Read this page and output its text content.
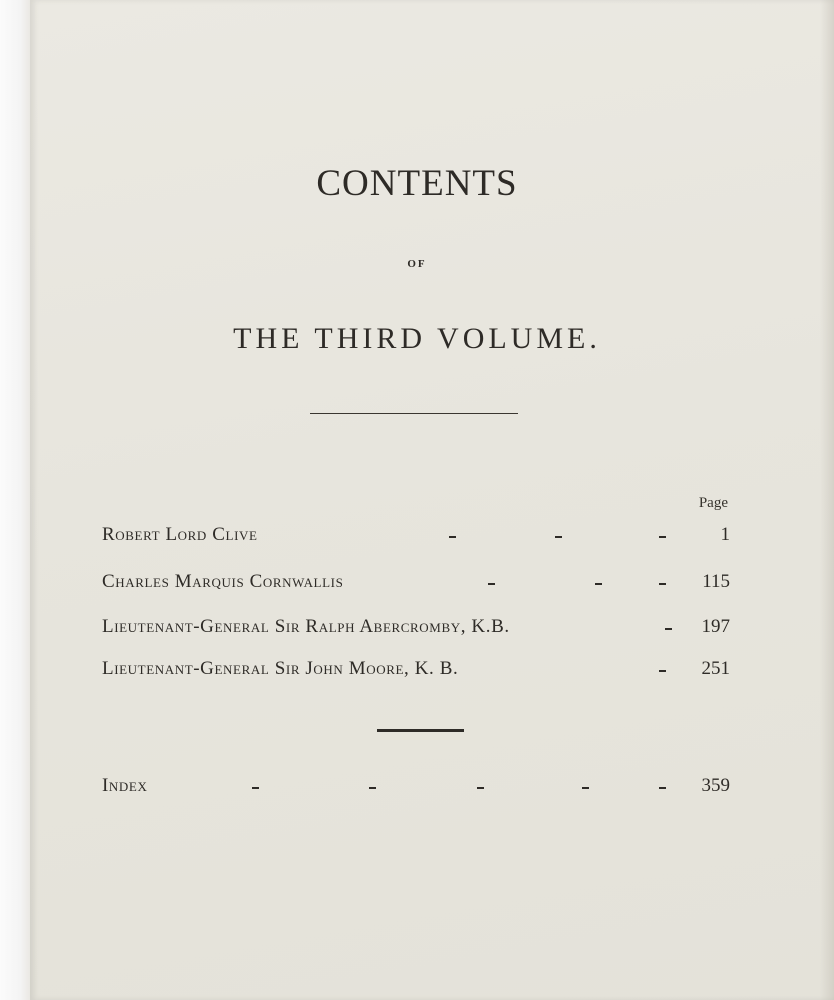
CONTENTS
OF
THE THIRD VOLUME.
Page
Robert Lord Clive	1
Charles Marquis Cornwallis	115
Lieutenant-General Sir Ralph Abercromby, K.B.	197
Lieutenant-General Sir John Moore, K. B.	251
Index	359
